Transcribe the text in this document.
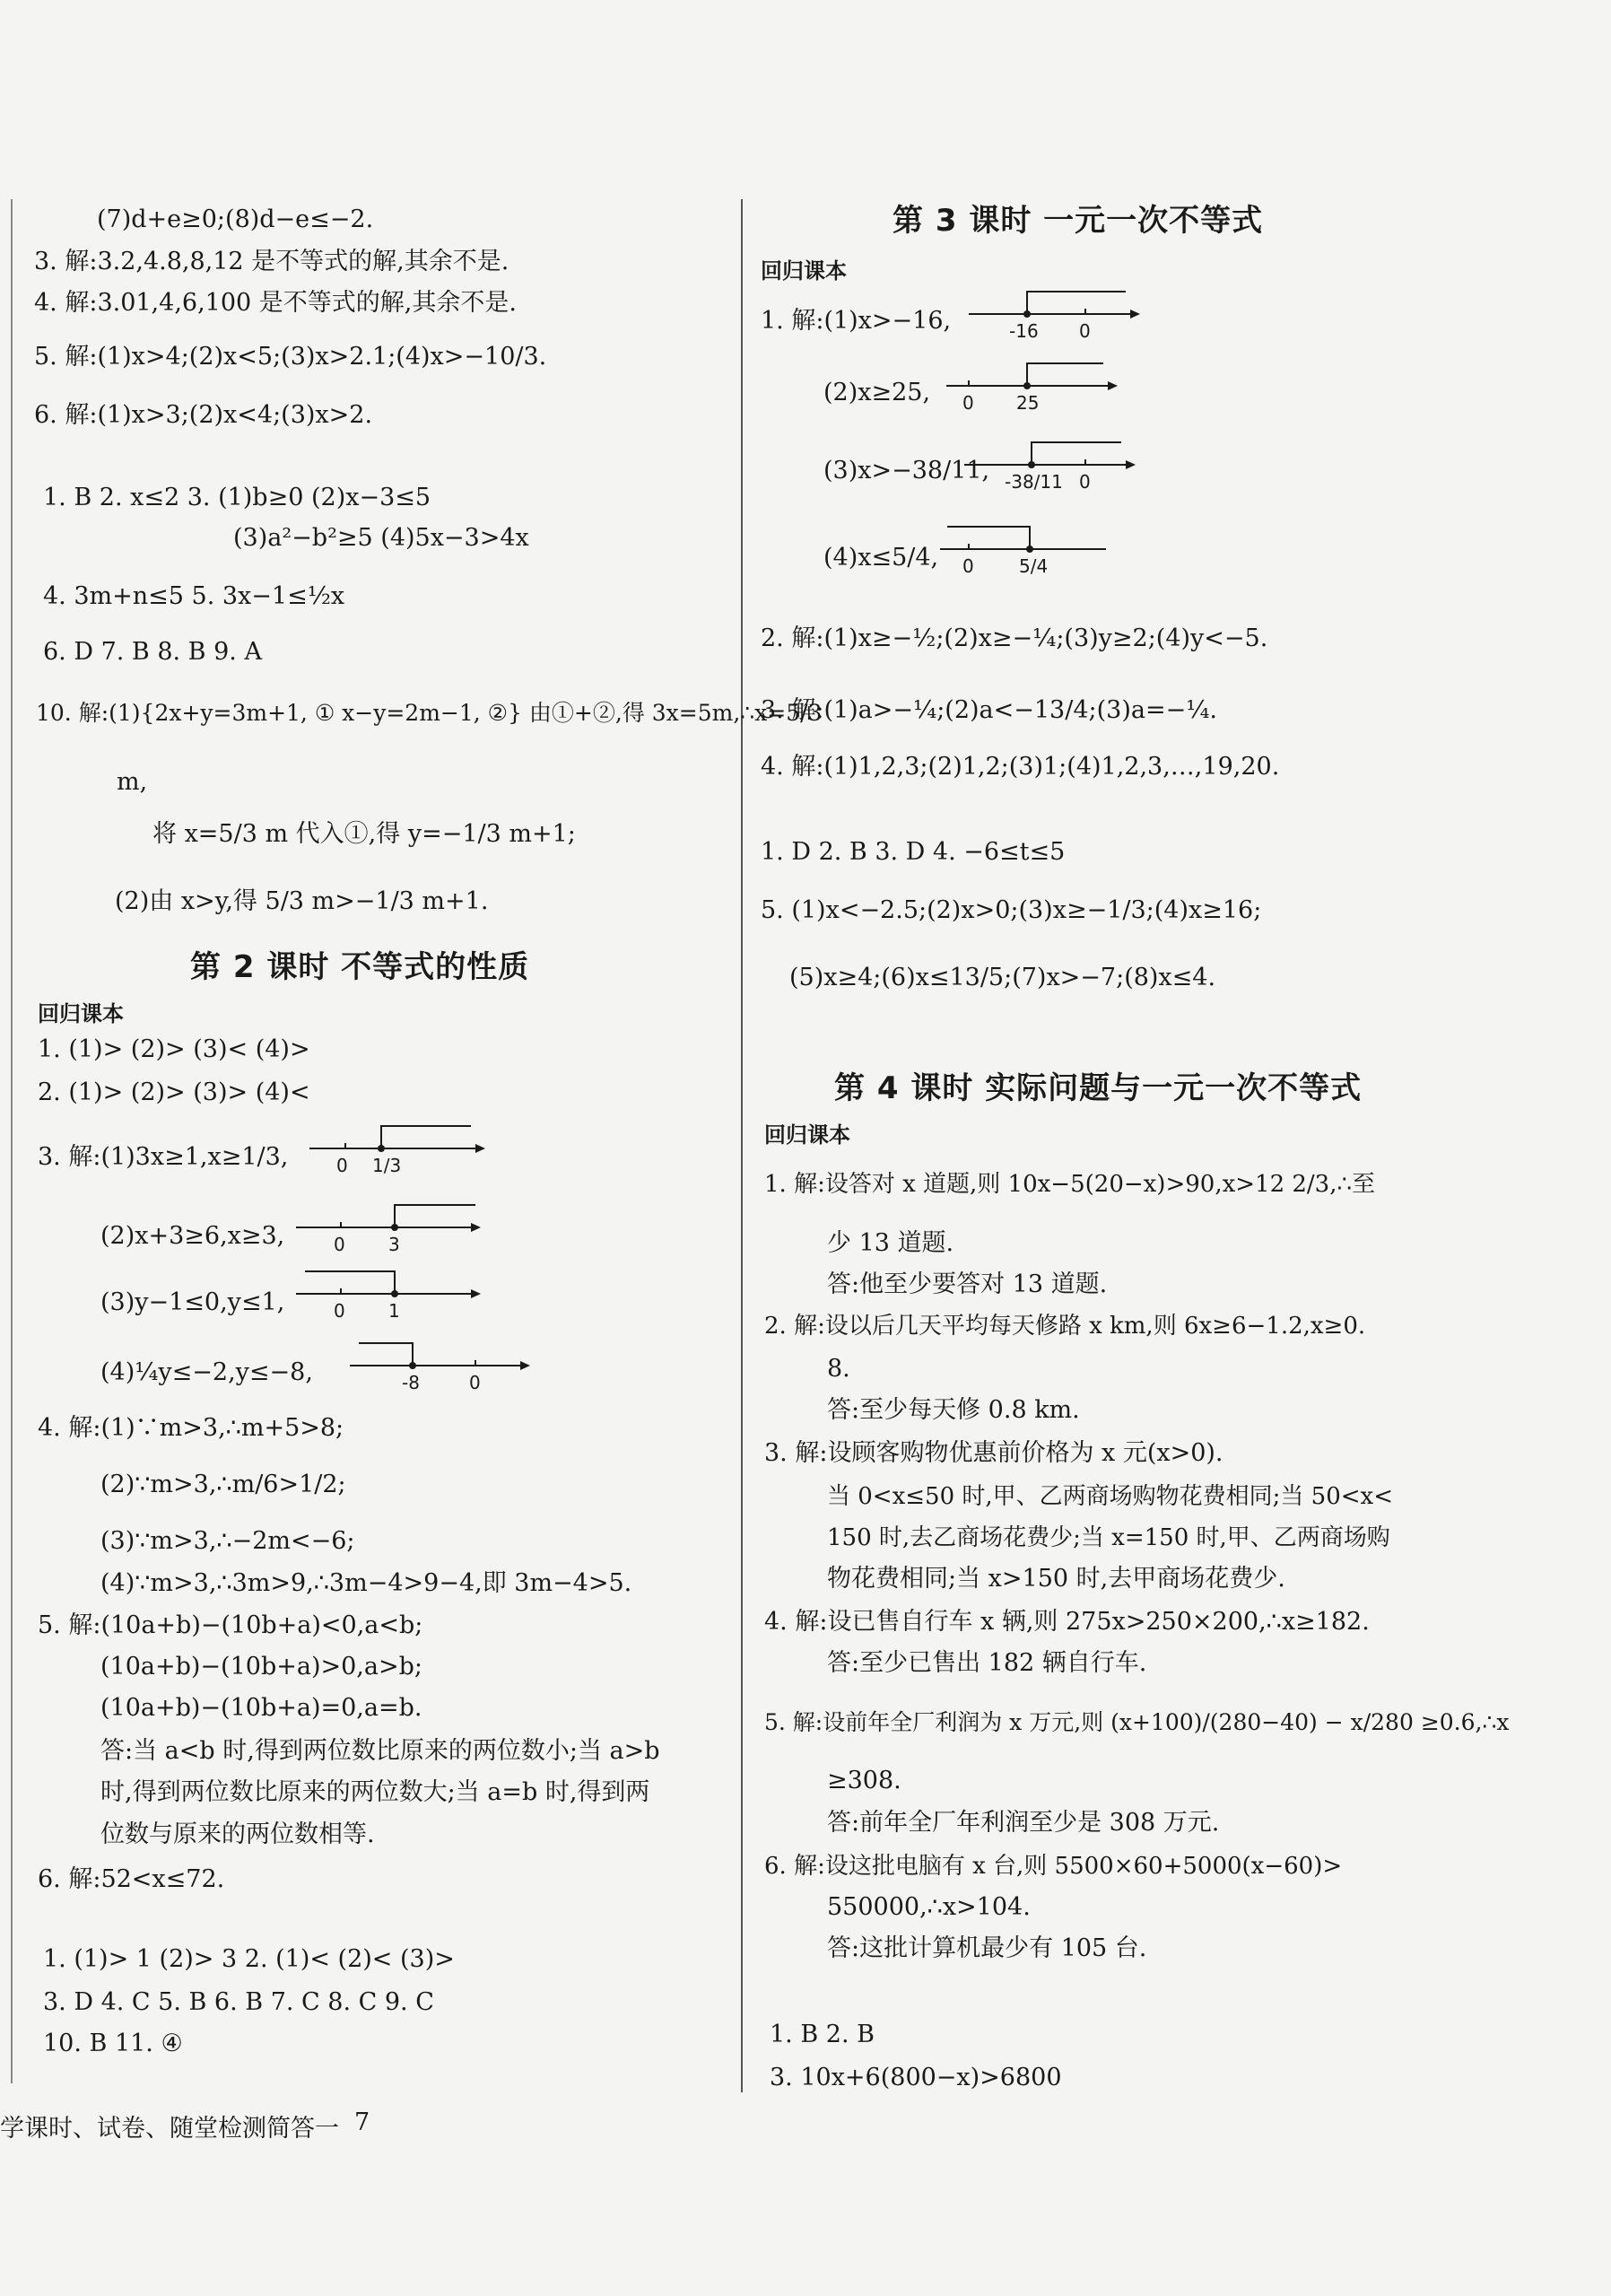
(7)d+e≥0;(8)d−e≤−2.
3. 解:3.2,4.8,8,12 是不等式的解,其余不是.
4. 解:3.01,4,6,100 是不等式的解,其余不是.
5. 解:(1)x>4;(2)x<5;(3)x>2.1;(4)x>−10/3.
6. 解:(1)x>3;(2)x<4;(3)x>2.
1. B 2. x≤2 3. (1)b≥0 (2)x−3≤5
(3)a²−b²≥5 (4)5x−3>4x
4. 3m+n≤5 5. 3x−1≤½x
6. D 7. B 8. B 9. A
10. 解:(1){2x+y=3m+1, ① x−y=2m−1, ②} 由①+②,得 3x=5m,∴x=5/3
m,
将 x=5/3 m 代入①,得 y=−1/3 m+1;
(2)由 x>y,得 5/3 m>−1/3 m+1.
第 2 课时 不等式的性质
回归课本
1. (1)> (2)> (3)< (4)>
2. (1)> (2)> (3)> (4)<
3. 解:(1)3x≥1,x≥1/3,
(2)x+3≥6,x≥3,
(3)y−1≤0,y≤1,
(4)¼y≤−2,y≤−8,
0 1/3
0 3
0 1
-8	0
4. 解:(1)∵m>3,∴m+5>8;
(2)∵m>3,∴m/6>1/2;
(3)∵m>3,∴−2m<−6;
(4)∵m>3,∴3m>9,∴3m−4>9−4,即 3m−4>5.
5. 解:(10a+b)−(10b+a)<0,a<b;
(10a+b)−(10b+a)>0,a>b;
(10a+b)−(10b+a)=0,a=b.
答:当 a<b 时,得到两位数比原来的两位数小;当 a>b
时,得到两位数比原来的两位数大;当 a=b 时,得到两
位数与原来的两位数相等.
6. 解:52<x≤72.
1. (1)> 1 (2)> 3 2. (1)< (2)< (3)>
3. D 4. C 5. B 6. B 7. C 8. C 9. C
10. B 11. ④
第 3 课时 一元一次不等式
回归课本
1. 解:(1)x>−16,
(2)x≥25,
(3)x>−38/11,
(4)x≤5/4,
-16 0
0 25
-38/11 0
0	5/4
2. 解:(1)x≥−½;(2)x≥−¼;(3)y≥2;(4)y<−5.
3. 解:(1)a>−¼;(2)a<−13/4;(3)a=−¼.
4. 解:(1)1,2,3;(2)1,2;(3)1;(4)1,2,3,…,19,20.
1. D 2. B 3. D 4. −6≤t≤5
5. (1)x<−2.5;(2)x>0;(3)x≥−1/3;(4)x≥16;
(5)x≥4;(6)x≤13/5;(7)x>−7;(8)x≤4.
第 4 课时 实际问题与一元一次不等式
回归课本
1. 解:设答对 x 道题,则 10x−5(20−x)>90,x>12 2/3,∴至
少 13 道题.
答:他至少要答对 13 道题.
2. 解:设以后几天平均每天修路 x km,则 6x≥6−1.2,x≥0.
8.
答:至少每天修 0.8 km.
3. 解:设顾客购物优惠前价格为 x 元(x>0).
当 0<x≤50 时,甲、乙两商场购物花费相同;当 50<x<
150 时,去乙商场花费少;当 x=150 时,甲、乙两商场购
物花费相同;当 x>150 时,去甲商场花费少.
4. 解:设已售自行车 x 辆,则 275x>250×200,∴x≥182.
答:至少已售出 182 辆自行车.
5. 解:设前年全厂利润为 x 万元,则 (x+100)/(280−40) − x/280 ≥0.6,∴x
≥308.
答:前年全厂年利润至少是 308 万元.
6. 解:设这批电脑有 x 台,则 5500×60+5000(x−60)>
550000,∴x>104.
答:这批计算机最少有 105 台.
1. B 2. B
3. 10x+6(800−x)>6800
学课时、试卷、随堂检测简答一 7
